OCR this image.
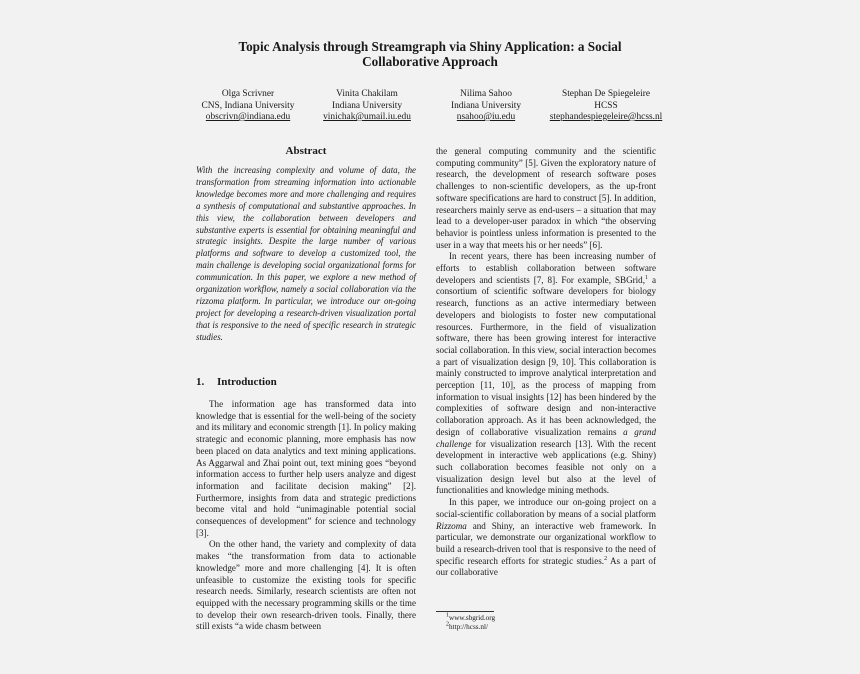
Topic Analysis through Streamgraph via Shiny Application: a Social
Collaborative Approach
Olga Scrivner
CNS, Indiana University
obscrivn@indiana.edu
Vinita Chakilam
Indiana University
vinichak@umail.iu.edu
Nilima Sahoo
Indiana University
nsahoo@iu.edu
Stephan De Spiegeleire
HCSS
stephandespiegeleire@hcss.nl
Abstract

With the increasing complexity and volume of data, the transformation from streaming information into actionable knowledge becomes more and more challenging and requires a synthesis of computational and substantive approaches. In this view, the collaboration between developers and substantive experts is essential for obtaining meaningful and strategic insights. Despite the large number of various platforms and software to develop a customized tool, the main challenge is developing social organizational forms for communication. In this paper, we explore a new method of organization workflow, namely a social collaboration via the rizzoma platform. In particular, we introduce our on-going project for developing a research-driven visualization portal that is responsive to the need of specific research in strategic studies.

1. Introduction

The information age has transformed data into knowledge that is essential for the well-being of the society and its military and economic strength [1]. In policy making strategic and economic planning, more emphasis has now been placed on data analytics and text mining applications. As Aggarwal and Zhai point out, text mining goes “beyond information access to further help users analyze and digest information and facilitate decision making” [2]. Furthermore, insights from data and strategic predictions become vital and hold “unimaginable potential social consequences of development” for science and technology [3].

On the other hand, the variety and complexity of data makes “the transformation from data to actionable knowledge” more and more challenging [4]. It is often unfeasible to customize the existing tools for specific research needs. Similarly, research scientists are often not equipped with the necessary programming skills or the time to develop their own research-driven tools. Finally, there still exists “a wide chasm between

the general computing community and the scientific computing community” [5]. Given the exploratory nature of research, the development of research software poses challenges to non-scientific developers, as the up-front software specifications are hard to construct [5]. In addition, researchers mainly serve as end-users – a situation that may lead to a developer-user paradox in which “the observing behavior is pointless unless information is presented to the user in a way that meets his or her needs” [6].

In recent years, there has been increasing number of efforts to establish collaboration between software developers and scientists [7, 8]. For example, SBGrid,$^1$ a consortium of scientific software developers for biology research, functions as an active intermediary between developers and biologists to foster new computational resources. Furthermore, in the field of visualization software, there has been growing interest for interactive social collaboration. In this view, social interaction becomes a part of visualization design [9, 10]. This collaboration is mainly constructed to improve analytical interpretation and perception [11, 10], as the process of mapping from information to visual insights [12] has been hindered by the complexities of software design and non-interactive collaboration approach. As it has been acknowledged, the design of collaborative visualization remains a grand challenge for visualization research [13]. With the recent development in interactive web applications (e.g. Shiny) such collaboration becomes feasible not only on a visualization design level but also at the level of functionalities and knowledge mining methods.

In this paper, we introduce our on-going project on a social-scientific collaboration by means of a social platform Rizzoma and Shiny, an interactive web framework. In particular, we demonstrate our organizational workflow to build a research-driven tool that is responsive to the need of specific research efforts for strategic studies.$^2$ As a part of our collaborative

$^1$www.sbgrid.org
$^2$http://hcss.nl/
